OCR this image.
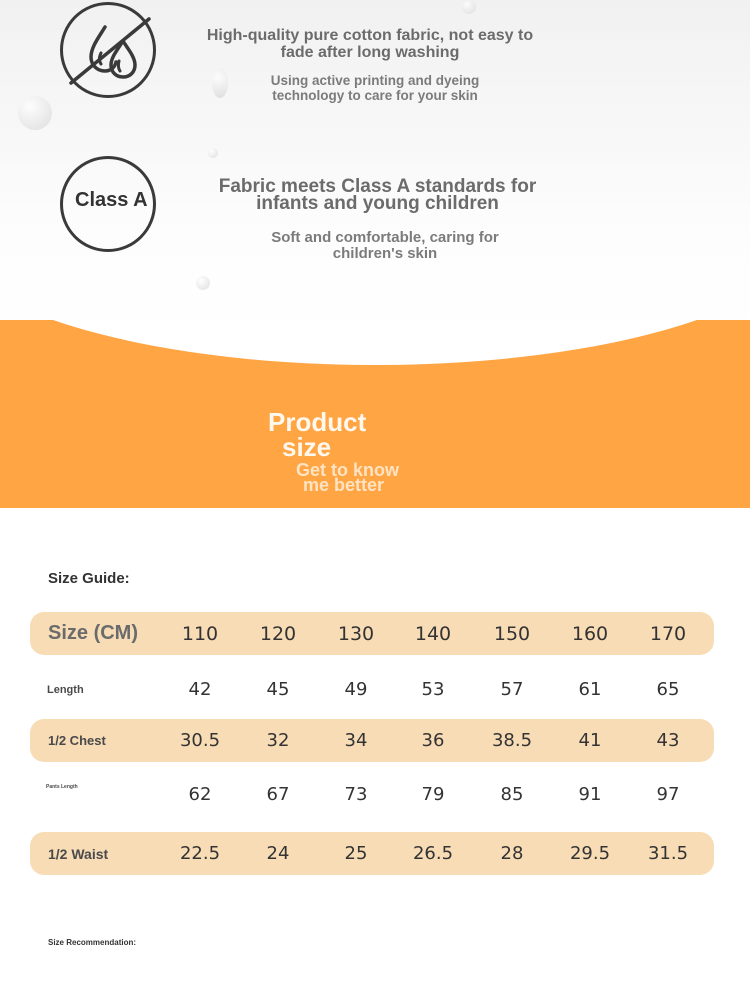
High-quality pure cotton fabric, not easy to fade after long washing
Using active printing and dyeing technology to care for your skin
Class A
Fabric meets Class A standards for infants and young children
Soft and comfortable, caring for children's skin
Product
size
Get to know
me better
Size Guide:
Size (CM)	110	120	130	140	150	160	170
Length	42	45	49	53	57	61	65
1/2 Chest	30.5	32	34	36	38.5	41	43
Pants Length	62	67	73	79	85	91	97
1/2 Waist	22.5	24	25	26.5	28	29.5	31.5
Size Recommendation:
